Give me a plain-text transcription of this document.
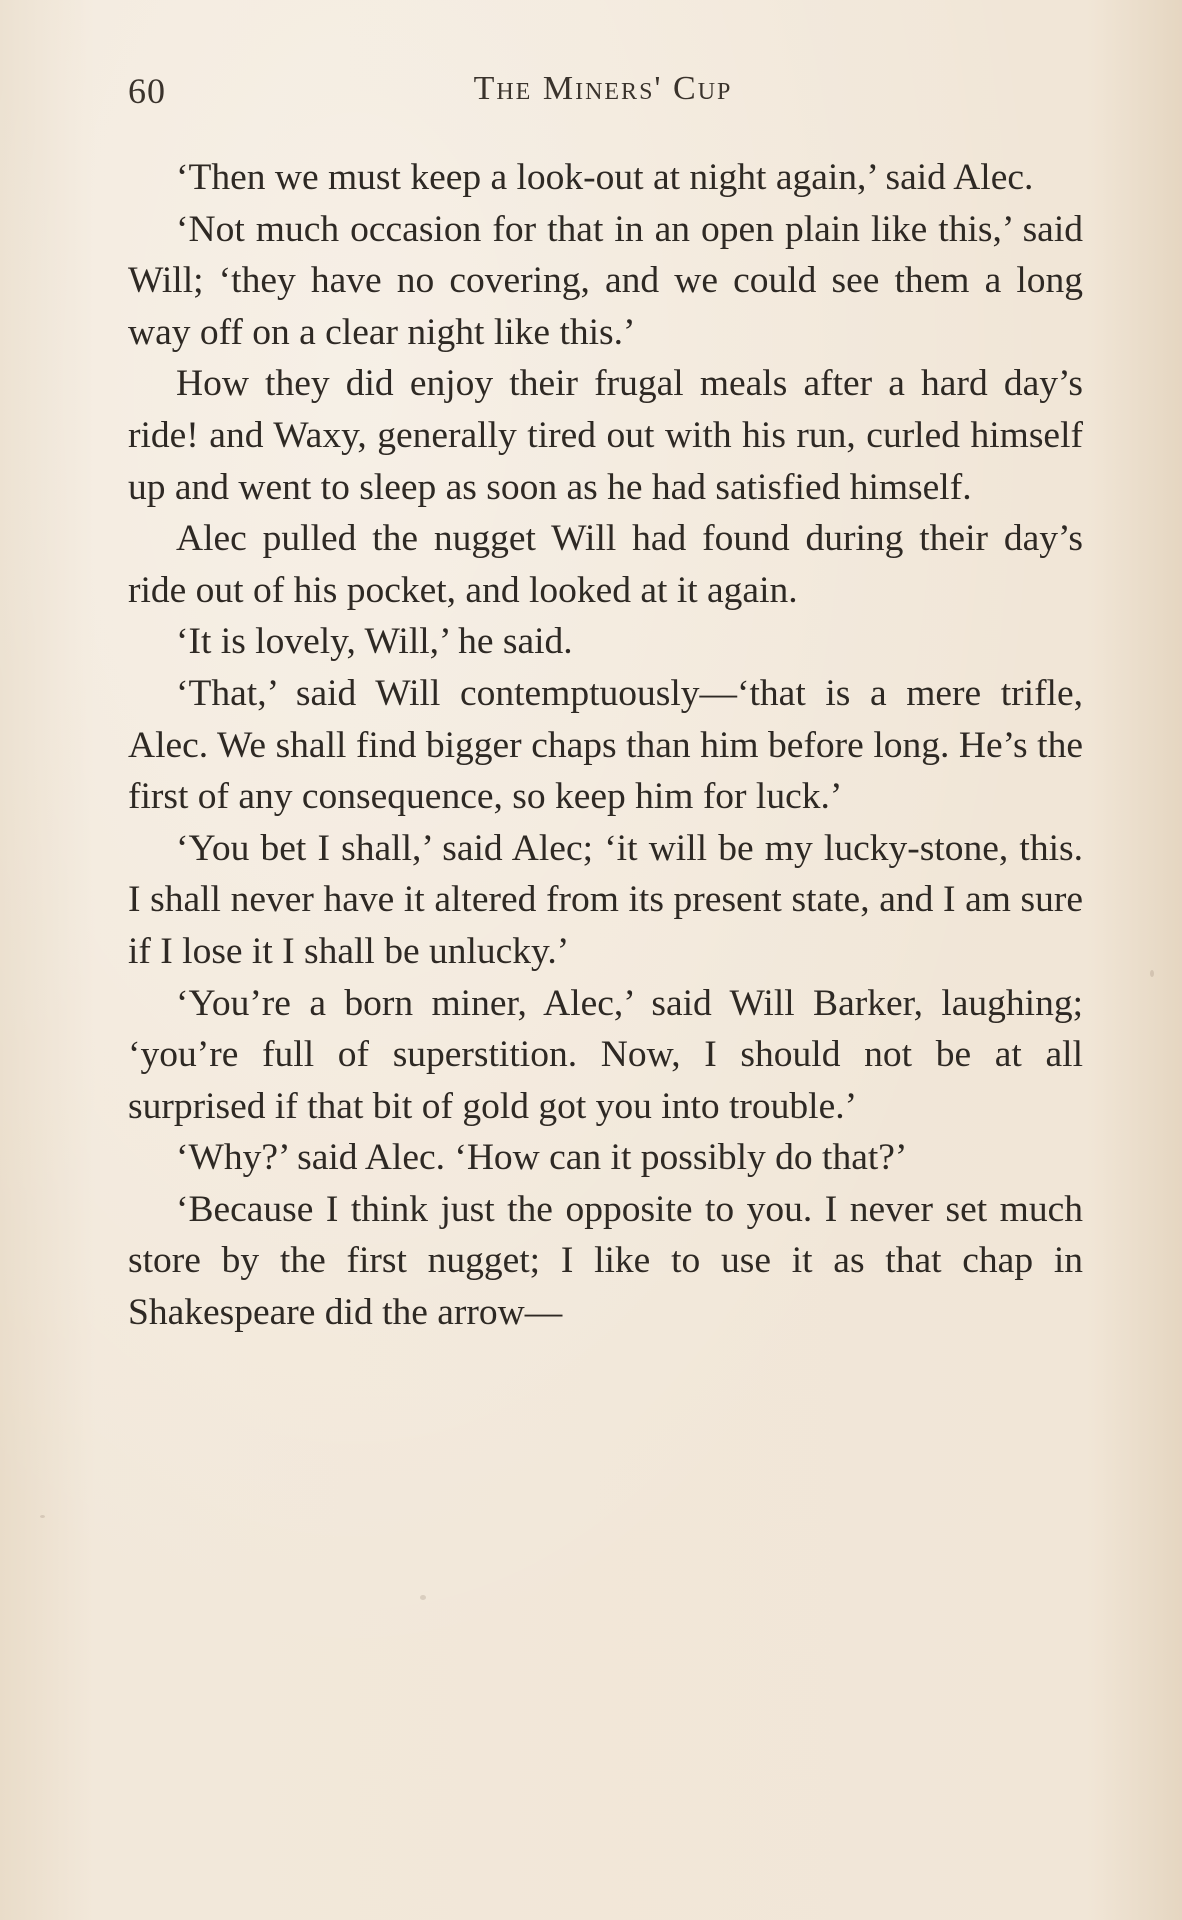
60	The Miners' Cup

‘Then we must keep a look-out at night again,’ said Alec.

‘Not much occasion for that in an open plain like this,’ said Will; ‘they have no covering, and we could see them a long way off on a clear night like this.’

How they did enjoy their frugal meals after a hard day’s ride! and Waxy, generally tired out with his run, curled himself up and went to sleep as soon as he had satisfied himself.

Alec pulled the nugget Will had found during their day’s ride out of his pocket, and looked at it again.

‘It is lovely, Will,’ he said.

‘That,’ said Will contemptuously—‘that is a mere trifle, Alec. We shall find bigger chaps than him before long. He’s the first of any consequence, so keep him for luck.’

‘You bet I shall,’ said Alec; ‘it will be my lucky-stone, this. I shall never have it altered from its present state, and I am sure if I lose it I shall be unlucky.’

‘You’re a born miner, Alec,’ said Will Barker, laughing; ‘you’re full of superstition. Now, I should not be at all surprised if that bit of gold got you into trouble.’

‘Why?’ said Alec. ‘How can it possibly do that?’

‘Because I think just the opposite to you. I never set much store by the first nugget; I like to use it as that chap in Shakespeare did the arrow—
